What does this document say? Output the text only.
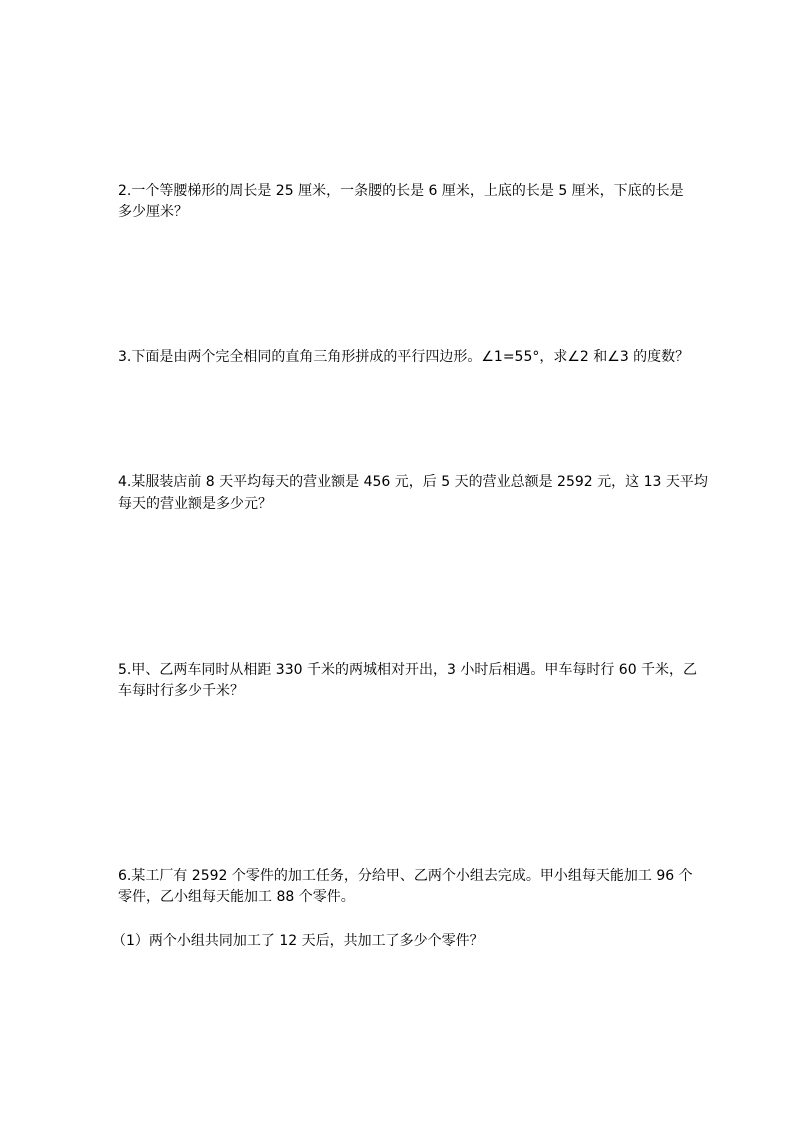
2.一个等腰梯形的周长是 25 厘米，一条腰的长是 6 厘米，上底的长是 5 厘米，下底的长是
多少厘米？
3.下面是由两个完全相同的直角三角形拼成的平行四边形。∠1=55°，求∠2 和∠3 的度数？
4.某服装店前 8 天平均每天的营业额是 456 元，后 5 天的营业总额是 2592 元，这 13 天平均
每天的营业额是多少元？
5.甲、乙两车同时从相距 330 千米的两城相对开出，3 小时后相遇。甲车每时行 60 千米，乙
车每时行多少千米？
6.某工厂有 2592 个零件的加工任务，分给甲、乙两个小组去完成。甲小组每天能加工 96 个
零件，乙小组每天能加工 88 个零件。
（1）两个小组共同加工了 12 天后，共加工了多少个零件？
